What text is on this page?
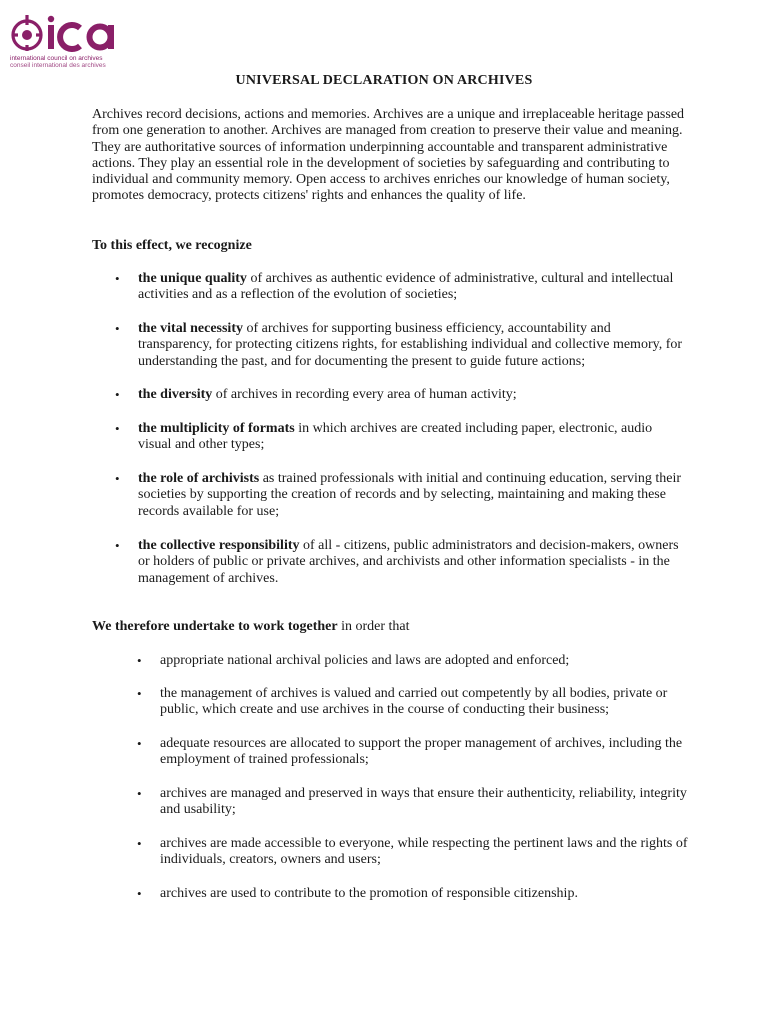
international council on archives
conseil international des archives
UNIVERSAL DECLARATION ON ARCHIVES

Archives record decisions, actions and memories. Archives are a unique and irreplaceable heritage passed from one generation to another. Archives are managed from creation to preserve their value and meaning. They are authoritative sources of information underpinning accountable and transparent administrative actions. They play an essential role in the development of societies by safeguarding and contributing to individual and community memory. Open access to archives enriches our knowledge of human society, promotes democracy, protects citizens' rights and enhances the quality of life.

To this effect, we recognize
• the unique quality of archives as authentic evidence of administrative, cultural and intellectual activities and as a reflection of the evolution of societies;
• the vital necessity of archives for supporting business efficiency, accountability and transparency, for protecting citizens rights, for establishing individual and collective memory, for understanding the past, and for documenting the present to guide future actions;
• the diversity of archives in recording every area of human activity;
• the multiplicity of formats in which archives are created including paper, electronic, audio visual and other types;
• the role of archivists as trained professionals with initial and continuing education, serving their societies by supporting the creation of records and by selecting, maintaining and making these records available for use;
• the collective responsibility of all - citizens, public administrators and decision-makers, owners or holders of public or private archives, and archivists and other information specialists - in the management of archives.
We therefore undertake to work together in order that
• appropriate national archival policies and laws are adopted and enforced;
• the management of archives is valued and carried out competently by all bodies, private or public, which create and use archives in the course of conducting their business;
• adequate resources are allocated to support the proper management of archives, including the employment of trained professionals;
• archives are managed and preserved in ways that ensure their authenticity, reliability, integrity and usability;
• archives are made accessible to everyone, while respecting the pertinent laws and the rights of individuals, creators, owners and users;
• archives are used to contribute to the promotion of responsible citizenship.
